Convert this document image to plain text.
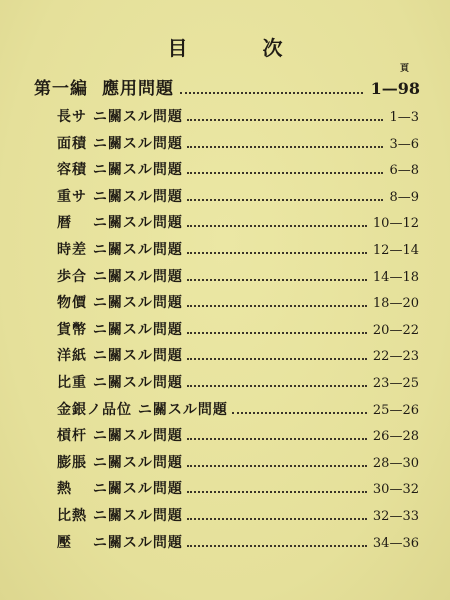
目 次
頁
第一編 應用問題	1—98
長サ ニ關スル問題	1—3
面積 ニ關スル問題	3—6
容積 ニ關スル問題	6—8
重サ ニ關スル問題	8—9
暦　 ニ關スル問題	10—12
時差 ニ關スル問題	12—14
歩合 ニ關スル問題	14—18
物價 ニ關スル問題	18—20
貨幣 ニ關スル問題	20—22
洋紙 ニ關スル問題	22—23
比重 ニ關スル問題	23—25
金銀ノ品位 ニ關スル問題	25—26
槓杆 ニ關スル問題	26—28
膨脹 ニ關スル問題	28—30
熱　 ニ關スル問題	30—32
比熱 ニ關スル問題	32—33
壓　 ニ關スル問題	34—36
